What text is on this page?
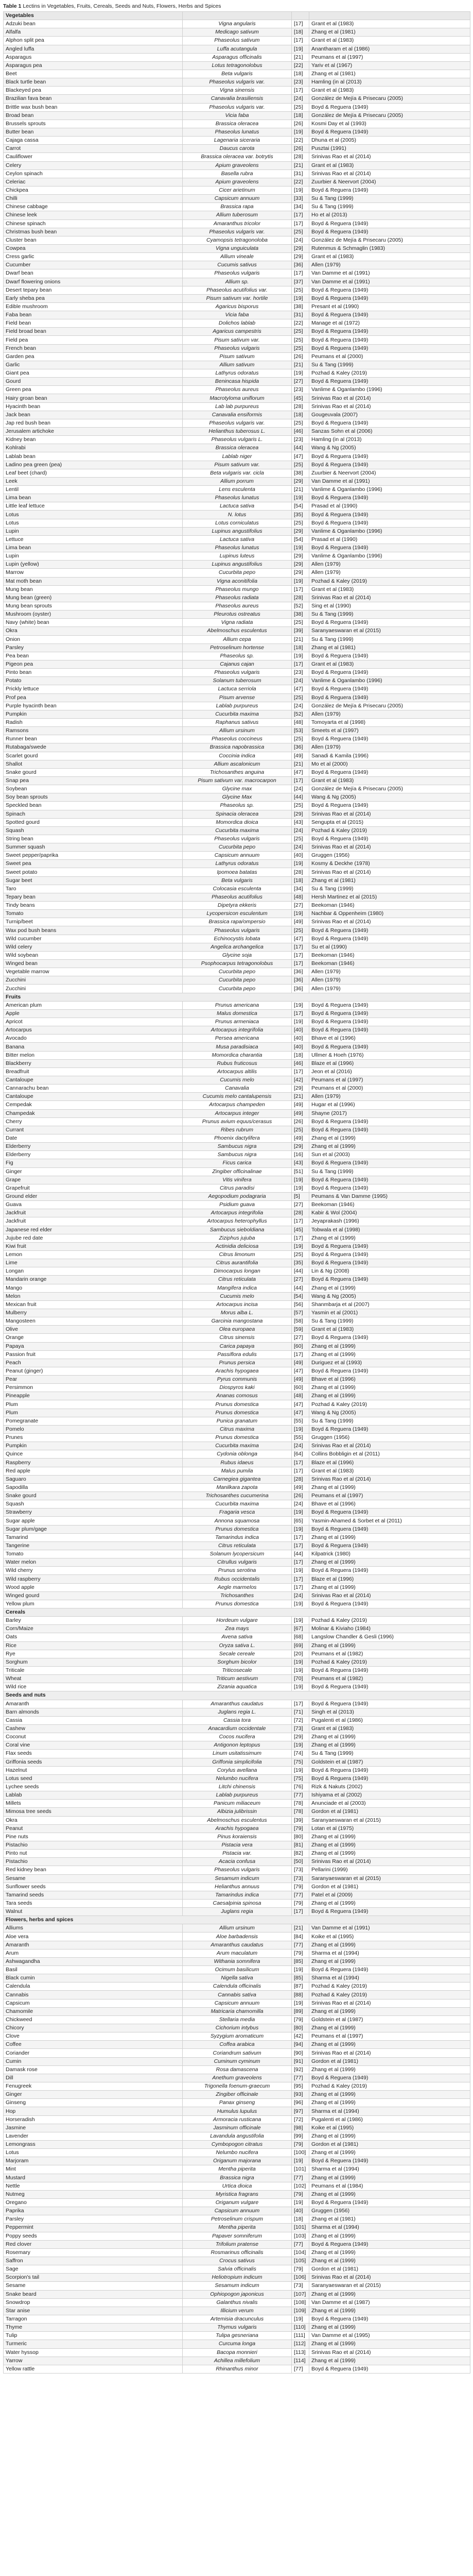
Table 1 Lectins in Vegetables, Fruits, Cereals, Seeds and Nuts, Flowers, Herbs and Spices
Vegetables			
Adzuki bean	Vigna angularis	[17]	Grant et al (1983)
Alfalfa	Medicago sativum	[18]	Zhang et al (1981)
Alphon split pea	Phaseolus sativum	[17]	Grant et al (1983)
Angled luffa	Luffa acutangula	[19]	Anantharam et al (1986)
Asparagus	Asparagus officinalis	[21]	Peumans et al (1997)
Asparagus pea	Lotus tetragonolobus	[22]	Yariv et al (1967)
Beet	Beta vulgaris	[18]	Zhang et al (1981)
Black turtle bean	Phaseolus vulgaris var.	[23]	Hamling (in al (2013)
Blackeyed pea	Vigna sinensis	[17]	Grant et al (1983)
Brazilian fava bean	Canavalia brasiliensis	[24]	González de Mejía & Prisecaru (2005)
Brittle wax bush bean	Phaseolus vulgaris var.	[25]	Boyd & Reguera (1949)
Broad bean	Vicia faba	[18]	González de Mejía & Prisecaru (2005)
Brussels sprouts	Brassica oleracea	[26]	Kosmi Day et al (1993)
Butter bean	Phaseolus lunatus	[19]	Boyd & Reguera (1949)
Cajaga cassa	Lagenaria siceraria	[22]	Dhuna et al (2005)
Carrot	Daucus carota	[26]	Pusztai (1991)
Cauliflower	Brassica oleracea var. botrytis	[28]	Srinivas Rao et al (2014)
Celery	Apium graveolens	[21]	Grant et al (1983)
Ceylon spinach	Basella rubra	[31]	Srinivas Rao et al (2014)
Celeriac	Apium graveolens	[22]	Zuurbier & Neervort (2004)
Chickpea	Cicer arietinum	[19]	Boyd & Reguera (1949)
Chilli	Capsicum annuum	[33]	Su & Tang (1999)
Chinese cabbage	Brassica rapa	[34]	Su & Tang (1999)
Chinese leek	Allium tuberosum	[17]	Ho et al (2013)
Chinese spinach	Amaranthus tricolor	[17]	Boyd & Reguera (1949)
Christmas bush bean	Phaseolus vulgaris var.	[25]	Boyd & Reguera (1949)
Cluster bean	Cyamopsis tetragonoloba	[24]	González de Mejía & Prisecaru (2005)
Cowpea	Vigna unguiculata	[29]	Rutenmus & Schmaglin (1983)
Cress garlic	Allium vineale	[29]	Grant et al (1983)
Cucumber	Cucumis sativus	[36]	Allen (1979)
Dwarf bean	Phaseolus vulgaris	[17]	Van Damme et al (1991)
Dwarf flowering onions	Allium sp.	[37]	Van Damme et al (1991)
Desert tepary bean	Phaseolus acutifolius var.	[25]	Boyd & Reguera (1949)
Early sheba pea	Pisum sativum var. hortile	[19]	Boyd & Reguera (1949)
Edible mushroom	Agaricus bisporus	[38]	Presant et al (1990)
Faba bean	Vicia faba	[31]	Boyd & Reguera (1949)
Field bean	Dolichos lablab	[22]	Manage et al (1972)
Field broad bean	Agaricus campestris	[25]	Boyd & Reguera (1949)
Field pea	Pisum sativum var.	[25]	Boyd & Reguera (1949)
French bean	Phaseolus vulgaris	[25]	Boyd & Reguera (1949)
Garden pea	Pisum sativum	[26]	Peumans et al (2000)
Garlic	Allium sativum	[21]	Su & Tang (1999)
Giant pea	Lathyrus odoratus	[19]	Pozhad & Kaley (2019)
Gourd	Benincasa hispida	[27]	Boyd & Reguera (1949)
Green pea	Phaseolus aureus	[23]	Vanlime & Oganlambo (1996)
Hairy groan bean	Macrotyloma uniflorum	[45]	Srinivas Rao et al (2014)
Hyacinth bean	Lab lab purpureus	[28]	Srinivas Rao et al (2014)
Jack bean	Canavalia ensiformis	[18]	Gougeuvala (2007)
Jap red bush bean	Phaseolus vulgaris var.	[25]	Boyd & Reguera (1949)
Jerusalem artichoke	Helianthus tuberosus L.	[46]	Sanzas Sohn et al (2006)
Kidney bean	Phaseolus vulgaris L.	[23]	Hamling (in al (2013)
Kohlrabi	Brassica oleracea	[44]	Wang & Ng (2005)
Lablab bean	Lablab niger	[47]	Boyd & Reguera (1949)
Ladino pea green (pea)	Pisum sativum var.	[25]	Boyd & Reguera (1949)
Leaf beet (chard)	Beta vulgaris var. cicla	[38]	Zuurbier & Neervort (2004)
Leek	Allium porrum	[29]	Van Damme et al (1991)
Lentil	Lens esculenta	[21]	Vanlime & Oganlambo (1996)
Lima bean	Phaseolus lunatus	[19]	Boyd & Reguera (1949)
Little leaf lettuce	Lactuca sativa	[54]	Prasad et al (1990)
Lotus	N. lotus	[35]	Boyd & Reguera (1949)
Lotus	Lotus corniculatus	[25]	Boyd & Reguera (1949)
Lupin	Lupinus angustifolius	[29]	Vanlime & Oganlambo (1996)
Lettuce	Lactuca sativa	[54]	Prasad et al (1990)
Lima bean	Phaseolus lunatus	[19]	Boyd & Reguera (1949)
Lupin	Lupinus luteus	[29]	Vanlime & Oganlambo (1996)
Lupin (yellow)	Lupinus angustifolius	[29]	Allen (1979)
Marrow	Cucurbita pepo	[29]	Allen (1979)
Mat moth bean	Vigna aconitifolia	[19]	Pozhad & Kaley (2019)
Mung bean	Phaseolus mungo	[17]	Grant et al (1983)
Mung bean (green)	Phaseolus radiata	[28]	Srinivas Rao et al (2014)
Mung bean sprouts	Phaseolus aureus	[52]	Sing et al (1990)
Mushroom (oyster)	Pleurotus ostreatus	[38]	Su & Tang (1999)
Navy (white) bean	Vigna radiata	[25]	Boyd & Reguera (1949)
Okra	Abelmoschus esculentus	[39]	Saranyaeswaran et al (2015)
Onion	Allium cepa	[21]	Su & Tang (1999)
Parsley	Petroselinum hortense	[18]	Zhang et al (1981)
Pea bean	Phaseolus sp.	[19]	Boyd & Reguera (1949)
Pigeon pea	Cajanus cajan	[17]	Grant et al (1983)
Pinto bean	Phaseolus vulgaris	[23]	Boyd & Reguera (1949)
Potato	Solanum tuberosum	[24]	Vanlime & Oganlambo (1996)
Prickly lettuce	Lactuca serriola	[47]	Boyd & Reguera (1949)
Prof pea	Pisum arvense	[25]	Boyd & Reguera (1949)
Purple hyacinth bean	Lablab purpureus	[24]	González de Mejía & Prisecaru (2005)
Pumpkin	Cucurbita maxima	[52]	Allen (1979)
Radish	Raphanus sativus	[48]	Tomoyarta et al (1998)
Ramsons	Allium ursinum	[53]	Smeets et al (1997)
Runner bean	Phaseolus coccineus	[25]	Boyd & Reguera (1949)
Rutabaga/swede	Brassica napobrassica	[36]	Allen (1979)
Scarlet gourd	Coccinia indica	[49]	Sanadi & Kamila (1996)
Shallot	Allium ascalonicum	[21]	Mo et al (2000)
Snake gourd	Trichosanthes anguina	[47]	Boyd & Reguera (1949)
Snap pea	Pisum sativum var. macrocarpon	[17]	Grant et al (1983)
Soybean	Glycine max	[24]	González de Mejía & Prisecaru (2005)
Soy bean sprouts	Glycine Max	[44]	Wang & Ng (2005)
Speckled bean	Phaseolus sp.	[25]	Boyd & Reguera (1949)
Spinach	Spinacia oleracea	[29]	Srinivas Rao et al (2014)
Spotted gourd	Momordica dioica	[43]	Sengupta et al (2015)
Squash	Cucurbita maxima	[24]	Pozhad & Kaley (2019)
String bean	Phaseolus vulgaris	[25]	Boyd & Reguera (1949)
Summer squash	Cucurbita pepo	[24]	Srinivas Rao et al (2014)
Sweet pepper/paprika	Capsicum annuum	[40]	Gruggen (1956)
Sweet pea	Lathyrus odoratus	[19]	Kosmy & Deckhe (1978)
Sweet potato	Ipomoea batatas	[28]	Srinivas Rao et al (2014)
Sugar beet	Beta vulgaris	[18]	Zhang et al (1981)
Taro	Colocasia esculenta	[34]	Su & Tang (1999)
Tepary bean	Phaseolus acutifolius	[48]	Hersh Martinez et al (2015)
Tindy beans	Dipetyra ekkeris	[27]	Beekoman (1946)
Tomato	Lycopersicon esculentum	[19]	Nachbar & Oppenheim (1980)
Turnip/beet	Brassica rapa/ompersio	[49]	Srinivas Rao et al (2014)
Wax pod bush beans	Phaseolus vulgaris	[25]	Boyd & Reguera (1949)
Wild cucumber	Echinocystis lobata	[47]	Boyd & Reguera (1949)
Wild celery	Angelica archangelica	[17]	Su et al (1990)
Wild soybean	Glycine soja	[17]	Beekoman (1946)
Winged bean	Psophocarpus tetragonolobus	[17]	Beekoman (1946)
Vegetable marrow	Cucurbita pepo	[36]	Allen (1979)
Zucchini	Cucurbita pepo	[36]	Allen (1979)
Zucchini	Cucurbita pepo	[36]	Allen (1979)
Fruits			
American plum	Prunus americana	[19]	Boyd & Reguera (1949)
Apple	Malus domestica	[17]	Boyd & Reguera (1949)
Apricot	Prunus armeniaca	[19]	Boyd & Reguera (1949)
Artocarpus	Artocarpus integrifolia	[40]	Boyd & Reguera (1949)
Avocado	Persea americana	[40]	Bhave et al (1996)
Banana	Musa paradisiaca	[40]	Boyd & Reguera (1949)
Bitter melon	Momordica charantia	[18]	Ullmer & Hoeh (1976)
Blackberry	Rubus fruticosus	[46]	Blaze et al (1996)
Breadfruit	Artocarpus altilis	[17]	Jeon et al (2016)
Cantaloupe	Cucumis melo	[42]	Peumans et al (1997)
Cannarachu bean	Canavalia	[29]	Peumans et al (2000)
Cantaloupe	Cucumis melo cantalupensis	[21]	Allen (1979)
Cempedak	Artocarpus champeden	[49]	Hugar et al (1996)
Champedak	Artocarpus integer	[49]	Shayne (2017)
Cherry	Prunus avium equus/cerasus	[26]	Boyd & Reguera (1949)
Currant	Ribes rubrum	[25]	Boyd & Reguera (1949)
Date	Phoenix dactylifera	[49]	Zhang et al (1999)
Elderberry	Sambucus nigra	[29]	Zhang et al (1999)
Elderberry	Sambucus nigra	[16]	Sun et al (2003)
Fig	Ficus carica	[43]	Boyd & Reguera (1949)
Ginger	Zingiber officinalinae	[51]	Su & Tang (1999)
Grape	Vitis vinifera	[19]	Boyd & Reguera (1949)
Grapefruit	Citrus paradisi	[19]	Boyd & Reguera (1949)
Ground elder	Aegopodium podagraria	[5]	Peumans & Van Damme (1995)
Guava	Psidium guava	[27]	Beekoman (1946)
Jackfruit	Artocarpus integrifolia	[28]	Kabir & Wol (2004)
Jackfruit	Artocarpus heterophyllus	[17]	Jeyaprakash (1996)
Japanese red elder	Sambucus sieboldiana	[45]	Tobwala et al (1998)
Jujube red date	Ziziphus jujuba	[17]	Zhang et al (1999)
Kiwi fruit	Actinidia deliciosa	[19]	Boyd & Reguera (1949)
Lemon	Citrus limonum	[25]	Boyd & Reguera (1949)
Lime	Citrus aurantifolia	[35]	Boyd & Reguera (1949)
Longan	Dimocarpus longan	[44]	Lin & Ng (2008)
Mandarin orange	Citrus reticulata	[27]	Boyd & Reguera (1949)
Mango	Mangifera indica	[44]	Zhang et al (1999)
Melon	Cucumis melo	[54]	Wang & Ng (2005)
Mexican fruit	Artocarpus incisa	[56]	Shanmbarja et al (2007)
Mulberry	Morus alba L.	[57]	Yasmin et al (2001)
Mangosteen	Garcinia mangostana	[58]	Su & Tang (1999)
Olive	Olea europaea	[59]	Grant et al (1983)
Orange	Citrus sinensis	[27]	Boyd & Reguera (1949)
Papaya	Carica papaya	[60]	Zhang et al (1999)
Passion fruit	Passiflora edulis	[17]	Zhang et al (1999)
Peach	Prunus persica	[49]	Duriguez et al (1993)
Peanut (ginger)	Arachis hypogaea	[47]	Boyd & Reguera (1949)
Pear	Pyrus communis	[49]	Bhave et al (1996)
Persimmon	Diospyros kaki	[60]	Zhang et al (1999)
Pineapple	Ananas comosus	[48]	Zhang et al (1999)
Plum	Prunus domestica	[47]	Pozhad & Kaley (2019)
Plum	Prunus domestica	[47]	Wang & Ng (2005)
Pomegranate	Punica granatum	[55]	Su & Tang (1999)
Pomelo	Citrus maxima	[19]	Boyd & Reguera (1949)
Prunes	Prunus domestica	[55]	Gruggen (1956)
Pumpkin	Cucurbita maxima	[24]	Srinivas Rao et al (2014)
Quince	Cydonia oblonga	[64]	Collins Bobbligin et al (2011)
Raspberry	Rubus idaeus	[17]	Blaze et al (1996)
Red apple	Malus pumila	[17]	Grant et al (1983)
Saguaro	Carnegiea gigantea	[28]	Srinivas Rao et al (2014)
Sapodilla	Manilkara zapota	[49]	Zhang et al (1999)
Snake gourd	Trichosanthes cucumerina	[26]	Peumans et al (1997)
Squash	Cucurbita maxima	[24]	Bhave et al (1996)
Strawberry	Fragaria vesca	[19]	Boyd & Reguera (1949)
Sugar apple	Annona squamosa	[65]	Yasmin-Ahamed & Sorbet et al (2011)
Sugar plum/gage	Prunus domestica	[19]	Boyd & Reguera (1949)
Tamarind	Tamarindus indica	[17]	Zhang et al (1999)
Tangerine	Citrus reticulata	[17]	Boyd & Reguera (1949)
Tomato	Solanum lycopersicum	[44]	Kilpatrick (1980)
Water melon	Citrullus vulgaris	[17]	Zhang et al (1999)
Wild cherry	Prunus serotina	[19]	Boyd & Reguera (1949)
Wild raspberry	Rubus occidentalis	[17]	Blaze et al (1996)
Wood apple	Aegle marmelos	[17]	Zhang et al (1999)
Winged gourd	Trichosanthes	[24]	Srinivas Rao et al (2014)
Yellow plum	Prunus domestica	[19]	Boyd & Reguera (1949)
Cereals			
Barley	Hordeum vulgare	[19]	Pozhad & Kaley (2019)
Corn/Maize	Zea mays	[67]	Molinar & Kiviaho (1984)
Oats	Avena sativa	[68]	Langslow Chandler & Gesli (1996)
Rice	Oryza sativa L.	[69]	Zhang et al (1999)
Rye	Secale cereale	[20]	Peumans et al (1982)
Sorghum	Sorghum bicolor	[19]	Pozhad & Kaley (2019)
Triticale	Triticosecale	[19]	Boyd & Reguera (1949)
Wheat	Triticum aestivum	[70]	Peumans et al (1982)
Wild rice	Zizania aquatica	[19]	Boyd & Reguera (1949)
Seeds and nuts			
Amaranth	Amaranthus caudatus	[17]	Boyd & Reguera (1949)
Barn almonds	Juglans regia L.	[71]	Singh et al (2013)
Cassia	Cassia tora	[72]	Pugalenti et al (1986)
Cashew	Anacardium occidentale	[73]	Grant et al (1983)
Coconut	Cocos nucifera	[29]	Zhang et al (1999)
Coral vine	Antigonon leptopus	[19]	Zhang et al (1999)
Flax seeds	Linum usitatissimum	[74]	Su & Tang (1999)
Griffonia seeds	Griffonia simplicifolia	[75]	Goldstein et al (1987)
Hazelnut	Corylus avellana	[19]	Boyd & Reguera (1949)
Lotus seed	Nelumbo nucifera	[75]	Boyd & Reguera (1949)
Lychee seeds	Litchi chinensis	[76]	Rizk & Nakuts (2002)
Lablab	Lablab purpureus	[77]	Ishiyama et al (2002)
Millets	Panicum miliaceum	[78]	Anunciade et al (2003)
Mimosa tree seeds	Albizia julibrissin	[78]	Gordon et al (1981)
Okra	Abelmoschus esculentus	[39]	Saranyaeswaran et al (2015)
Peanut	Arachis hypogaea	[79]	Lotan et al (1975)
Pine nuts	Pinus koraiensis	[80]	Zhang et al (1999)
Pistachio	Pistacia vera	[81]	Zhang et al (1999)
Pinto nut	Pistacia var.	[82]	Zhang et al (1999)
Pistachio	Acacia confusa	[50]	Srinivas Rao et al (2014)
Red kidney bean	Phaseolus vulgaris	[73]	Pellarini (1999)
Sesame	Sesamum indicum	[73]	Saranyaeswaran et al (2015)
Sunflower seeds	Helianthus annuus	[79]	Gordon et al (1981)
Tamarind seeds	Tamarindus indica	[77]	Patel et al (2009)
Tara seeds	Caesalpinia spinosa	[79]	Zhang et al (1999)
Walnut	Juglans regia	[17]	Boyd & Reguera (1949)
Flowers, herbs and spices			
Alliums	Allium ursinum	[21]	Van Damme et al (1991)
Aloe vera	Aloe barbadensis	[84]	Koike et al (1995)
Amaranth	Amaranthus caudatus	[77]	Zhang et al (1999)
Arum	Arum maculatum	[79]	Sharma et al (1994)
Ashwagandha	Withania somnifera	[85]	Zhang et al (1999)
Basil	Ocimum basilicum	[19]	Boyd & Reguera (1949)
Black cumin	Nigella sativa	[85]	Sharma et al (1994)
Calendula	Calendula officinalis	[87]	Pozhad & Kaley (2019)
Cannabis	Cannabis sativa	[88]	Pozhad & Kaley (2019)
Capsicum	Capsicum annuum	[19]	Srinivas Rao et al (2014)
Chamomile	Matricaria chamomilla	[89]	Zhang et al (1999)
Chickweed	Stellaria media	[79]	Goldstein et al (1987)
Chicory	Cichorium intybus	[80]	Zhang et al (1999)
Clove	Syzygium aromaticum	[42]	Peumans et al (1997)
Coffee	Coffea arabica	[94]	Zhang et al (1999)
Coriander	Coriandrum sativum	[90]	Srinivas Rao et al (2014)
Cumin	Cuminum cyminum	[91]	Gordon et al (1981)
Damask rose	Rosa damascena	[92]	Zhang et al (1999)
Dill	Anethum graveolens	[77]	Boyd & Reguera (1949)
Fenugreek	Trigonella foenum-graecum	[95]	Pozhad & Kaley (2019)
Ginger	Zingiber officinale	[93]	Zhang et al (1999)
Ginseng	Panax ginseng	[96]	Zhang et al (1999)
Hop	Humulus lupulus	[97]	Sharma et al (1994)
Horseradish	Armoracia rusticana	[72]	Pugalenti et al (1986)
Jasmine	Jasminum officinale	[98]	Koike et al (1995)
Lavender	Lavandula angustifolia	[99]	Zhang et al (1999)
Lemongrass	Cymbopogon citratus	[79]	Gordon et al (1981)
Lotus	Nelumbo nucifera	[100]	Zhang et al (1999)
Marjoram	Origanum majorana	[19]	Boyd & Reguera (1949)
Mint	Mentha piperita	[101]	Sharma et al (1994)
Mustard	Brassica nigra	[77]	Zhang et al (1999)
Nettle	Urtica dioica	[102]	Peumans et al (1984)
Nutmeg	Myristica fragrans	[79]	Zhang et al (1999)
Oregano	Origanum vulgare	[19]	Boyd & Reguera (1949)
Paprika	Capsicum annuum	[40]	Gruggen (1956)
Parsley	Petroselinum crispum	[18]	Zhang et al (1981)
Peppermint	Mentha piperita	[101]	Sharma et al (1994)
Poppy seeds	Papaver somniferum	[103]	Zhang et al (1999)
Red clover	Trifolium pratense	[77]	Boyd & Reguera (1949)
Rosemary	Rosmarinus officinalis	[104]	Zhang et al (1999)
Saffron	Crocus sativus	[105]	Zhang et al (1999)
Sage	Salvia officinalis	[79]	Gordon et al (1981)
Scorpion's tail	Heliotropium indicum	[106]	Srinivas Rao et al (2014)
Sesame	Sesamum indicum	[73]	Saranyaeswaran et al (2015)
Snake beard	Ophiopogon japonicus	[107]	Zhang et al (1999)
Snowdrop	Galanthus nivalis	[108]	Van Damme et al (1987)
Star anise	Illicium verum	[109]	Zhang et al (1999)
Tarragon	Artemisia dracunculus	[19]	Boyd & Reguera (1949)
Thyme	Thymus vulgaris	[110]	Zhang et al (1999)
Tulip	Tulipa gesneriana	[111]	Van Damme et al (1995)
Turmeric	Curcuma longa	[112]	Zhang et al (1999)
Water hyssop	Bacopa monnieri	[113]	Srinivas Rao et al (2014)
Yarrow	Achillea millefolium	[114]	Zhang et al (1999)
Yellow rattle	Rhinanthus minor	[77]	Boyd & Reguera (1949)
